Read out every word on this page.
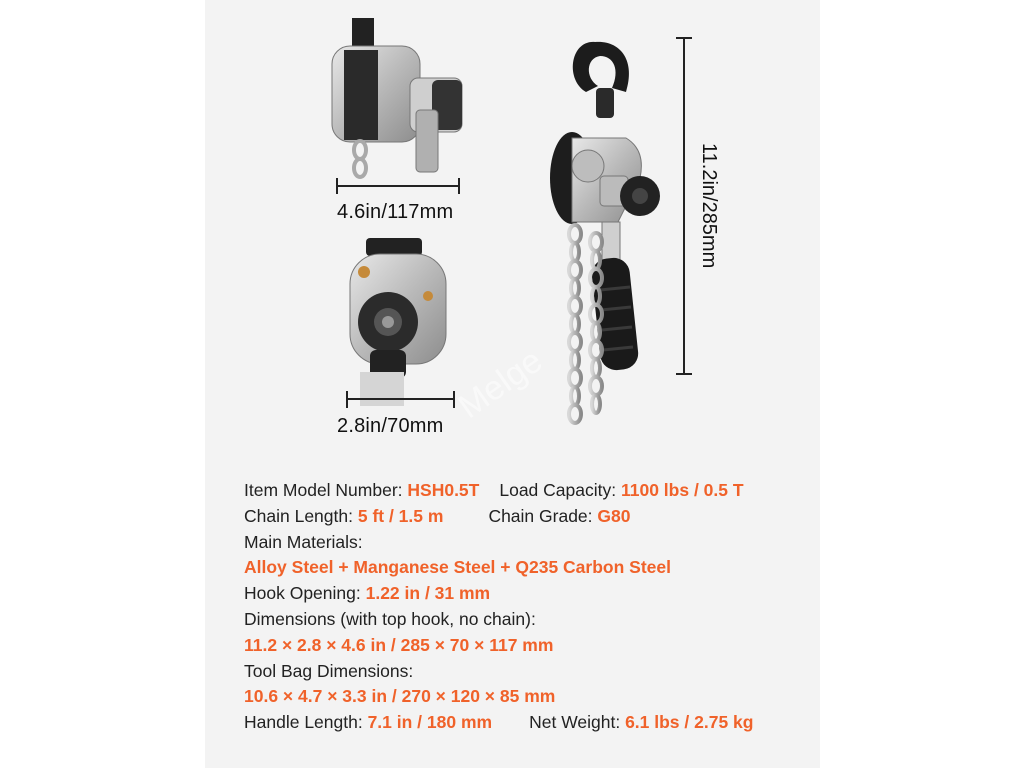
Melge
4.6in/117mm
2.8in/70mm
11.2in/285mm
Item Model Number: HSH0.5T Load Capacity: 1100 lbs / 0.5 T
Chain Length: 5 ft / 1.5 m	Chain Grade: G80
Main Materials:
Alloy Steel + Manganese Steel + Q235 Carbon Steel
Hook Opening: 1.22 in / 31 mm
Dimensions (with top hook, no chain):
11.2 × 2.8 × 4.6 in / 285 × 70 × 117 mm
Tool Bag Dimensions:
10.6 × 4.7 × 3.3 in / 270 × 120 × 85 mm
Handle Length: 7.1 in / 180 mm Net Weight: 6.1 lbs / 2.75 kg
